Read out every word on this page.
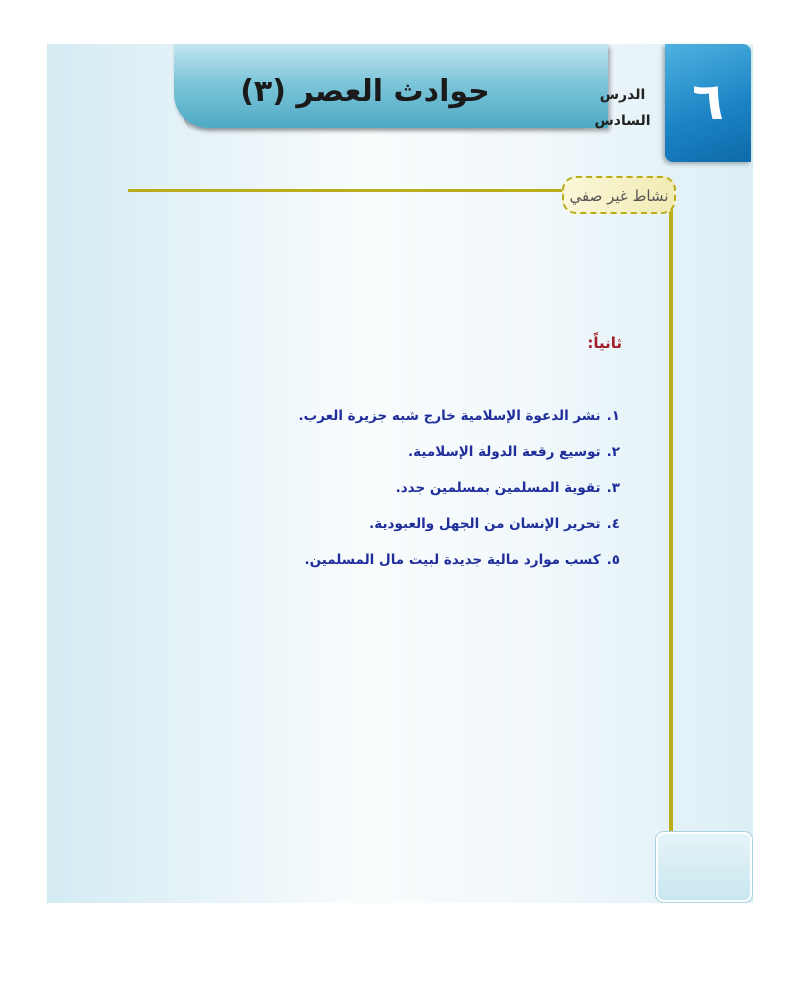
حوادث العصر (٣)	الدرس
السادس ٦
نشاط غير صفي
ثانياً:
١.نشر الدعوة الإسلامية خارج شبه جزيرة العرب.
٢.توسيع رقعة الدولة الإسلامية.
٣.تقوية المسلمين بمسلمين جدد.
٤.تحرير الإنسان من الجهل والعبودية.
٥.كسب موارد مالية جديدة لبيت مال المسلمين.
